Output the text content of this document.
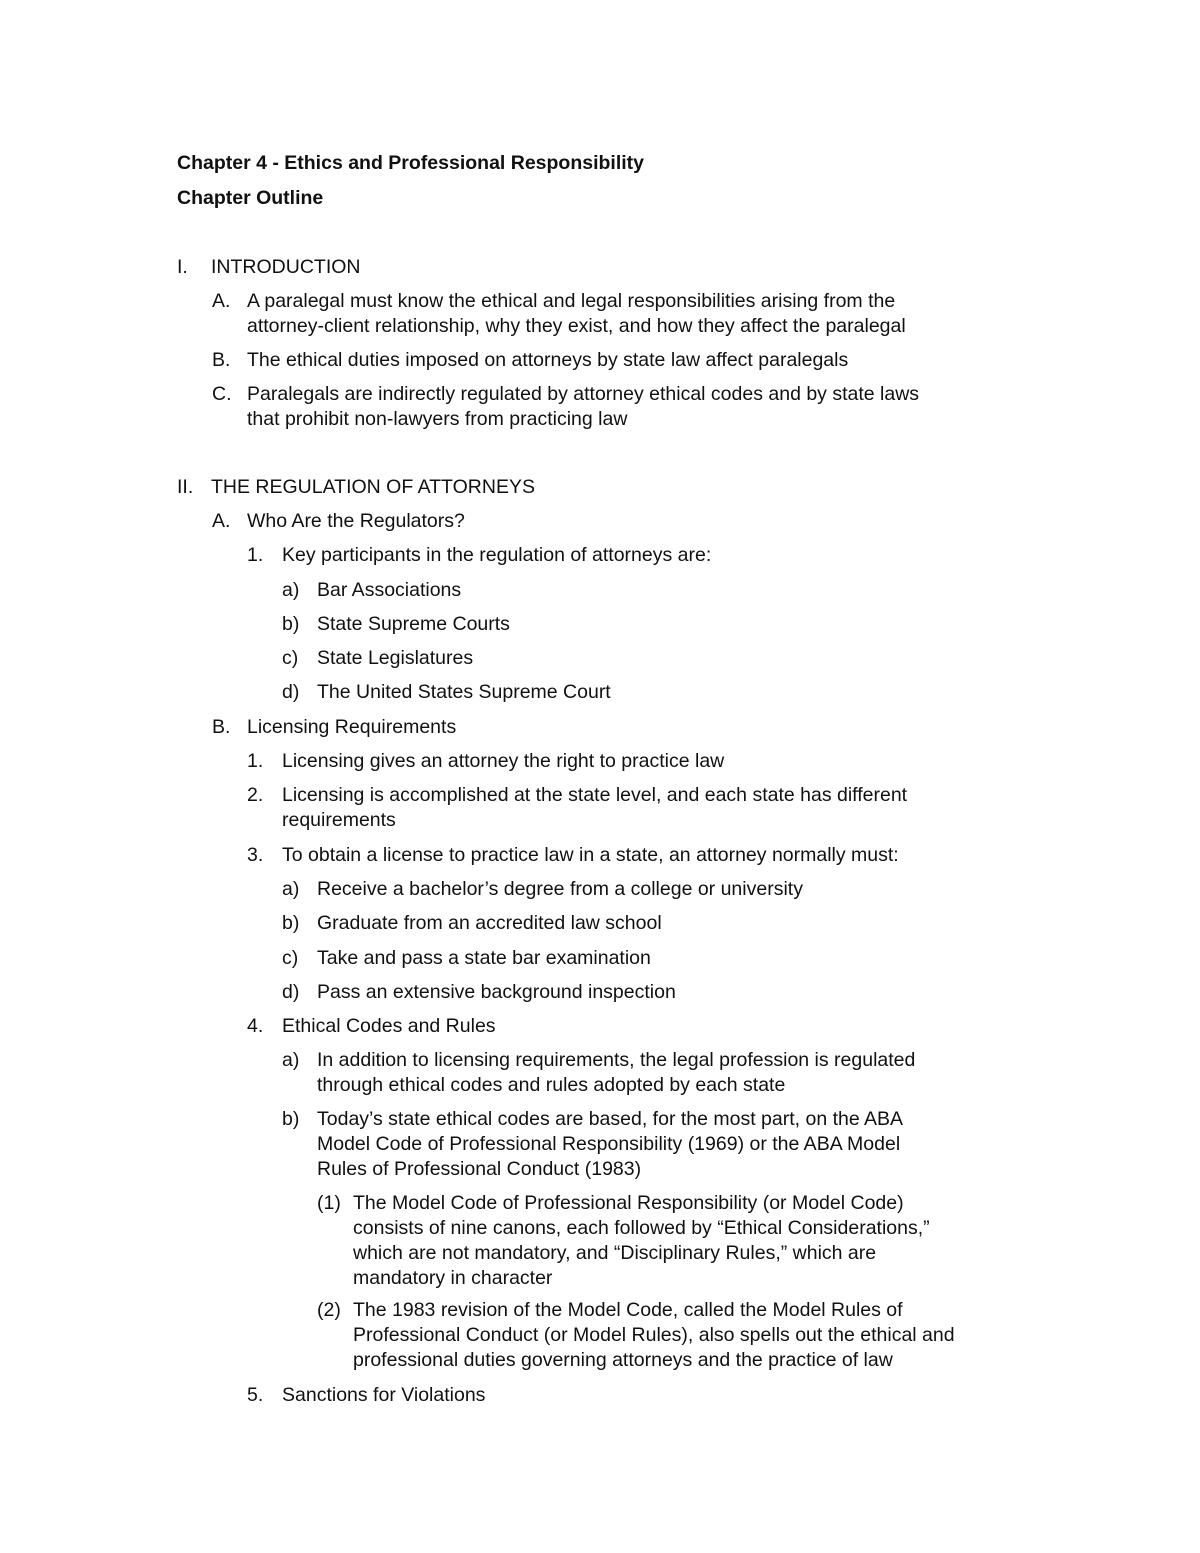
Chapter 4 - Ethics and Professional Responsibility
Chapter Outline
I. INTRODUCTION
A. A paralegal must know the ethical and legal responsibilities arising from the
attorney-client relationship, why they exist, and how they affect the paralegal
B. The ethical duties imposed on attorneys by state law affect paralegals
C. Paralegals are indirectly regulated by attorney ethical codes and by state laws
that prohibit non-lawyers from practicing law
II. THE REGULATION OF ATTORNEYS
A. Who Are the Regulators?
1. Key participants in the regulation of attorneys are:
a) Bar Associations
b) State Supreme Courts
c) State Legislatures
d) The United States Supreme Court
B. Licensing Requirements
1. Licensing gives an attorney the right to practice law
2. Licensing is accomplished at the state level, and each state has different
requirements
3. To obtain a license to practice law in a state, an attorney normally must:
a) Receive a bachelor’s degree from a college or university
b) Graduate from an accredited law school
c) Take and pass a state bar examination
d) Pass an extensive background inspection
4. Ethical Codes and Rules
a) In addition to licensing requirements, the legal profession is regulated
through ethical codes and rules adopted by each state
b) Today’s state ethical codes are based, for the most part, on the ABA
Model Code of Professional Responsibility (1969) or the ABA Model
Rules of Professional Conduct (1983)
(1) The Model Code of Professional Responsibility (or Model Code)
consists of nine canons, each followed by “Ethical Considerations,”
which are not mandatory, and “Disciplinary Rules,” which are
mandatory in character
(2) The 1983 revision of the Model Code, called the Model Rules of
Professional Conduct (or Model Rules), also spells out the ethical and
professional duties governing attorneys and the practice of law
5. Sanctions for Violations
